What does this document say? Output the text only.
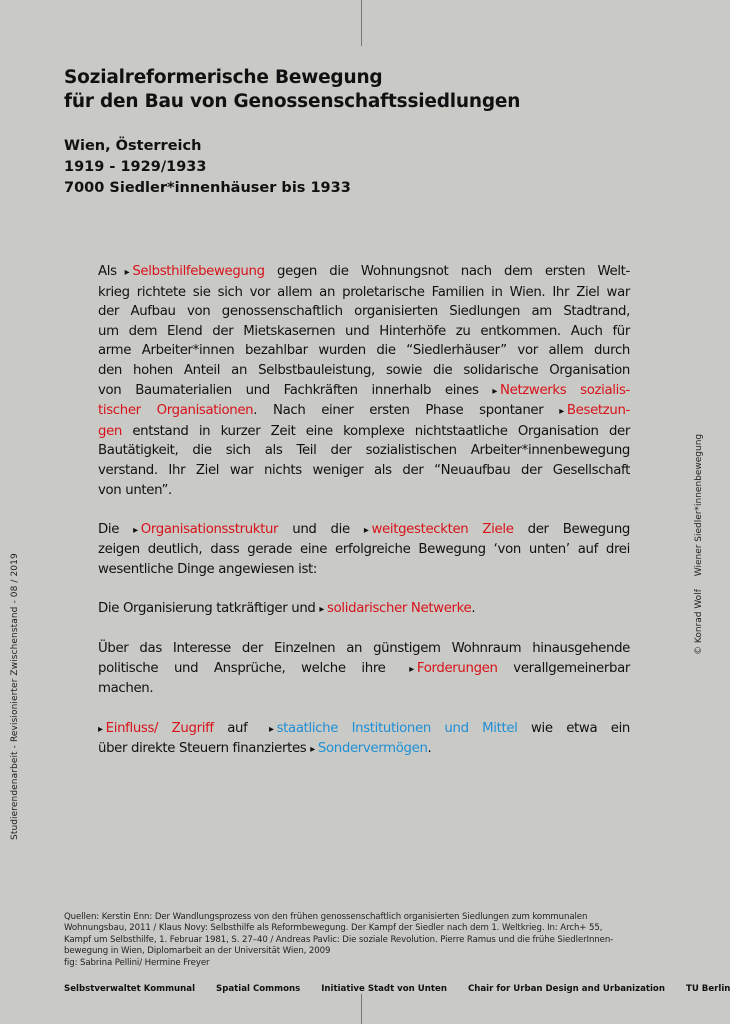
Sozialreformerische Bewegung
für den Bau von Genossenschaftssiedlungen
Wien, Österreich
1919 - 1929/1933
7000 Siedler*innenhäuser bis 1933
Als ▸ Selbsthilfebewegung gegen die Wohnungsnot nach dem ersten Welt-
krieg richtete sie sich vor allem an proletarische Familien in Wien. Ihr Ziel war
der Aufbau von genossenschaftlich organisierten Siedlungen am Stadtrand,
um dem Elend der Mietskasernen und Hinterhöfe zu entkommen. Auch für
arme Arbeiter*innen bezahlbar wurden die “Siedlerhäuser” vor allem durch
den hohen Anteil an Selbstbauleistung, sowie die solidarische Organisation
von Baumaterialien und Fachkräften innerhalb eines ▸ Netzwerks sozialis-
tischer Organisationen. Nach einer ersten Phase spontaner ▸ Besetzun-
gen entstand in kurzer Zeit eine komplexe nichtstaatliche Organisation der
Bautätigkeit, die sich als Teil der sozialistischen Arbeiter*innenbewegung
verstand. Ihr Ziel war nichts weniger als der “Neuaufbau der Gesellschaft
von unten”.
Die ▸ Organisationsstruktur und die ▸ weitgesteckten Ziele der Bewegung
zeigen deutlich, dass gerade eine erfolgreiche Bewegung ‘von unten’ auf drei
wesentliche Dinge angewiesen ist:
Die Organisierung tatkräftiger und ▸ solidarischer Netwerke.
Über das Interesse der Einzelnen an günstigem Wohnraum hinausgehende
politische und Ansprüche, welche ihre ▸ Forderungen verallgemeinerbar
machen.
▸ Einfluss/ Zugriff auf ▸ staatliche Institutionen und Mittel wie etwa ein
über direkte Steuern finanziertes ▸ Sondervermögen.
Studierendenarbeit - Revisionierter Zwischenstand - 08 / 2019	© Konrad Wolf Wiener Siedler*innenbewegung
Quellen: Kerstin Enn: Der Wandlungsprozess von den frühen genossenschaftlich organisierten Siedlungen zum kommunalen
Wohnungsbau, 2011 / Klaus Novy: Selbsthilfe als Reformbewegung. Der Kampf der Siedler nach dem 1. Weltkrieg. In: Arch+ 55,
Kampf um Selbsthilfe, 1. Februar 1981, S. 27–40 / Andreas Pavlic: Die soziale Revolution. Pierre Ramus und die frühe SiedlerInnen-
bewegung in Wien, Diplomarbeit an der Universität Wien, 2009
fig: Sabrina Pellini/ Hermine Freyer
Selbstverwaltet Kommunal Spatial Commons Initiative Stadt von Unten Chair for Urban Design and Urbanization TU Berlin
